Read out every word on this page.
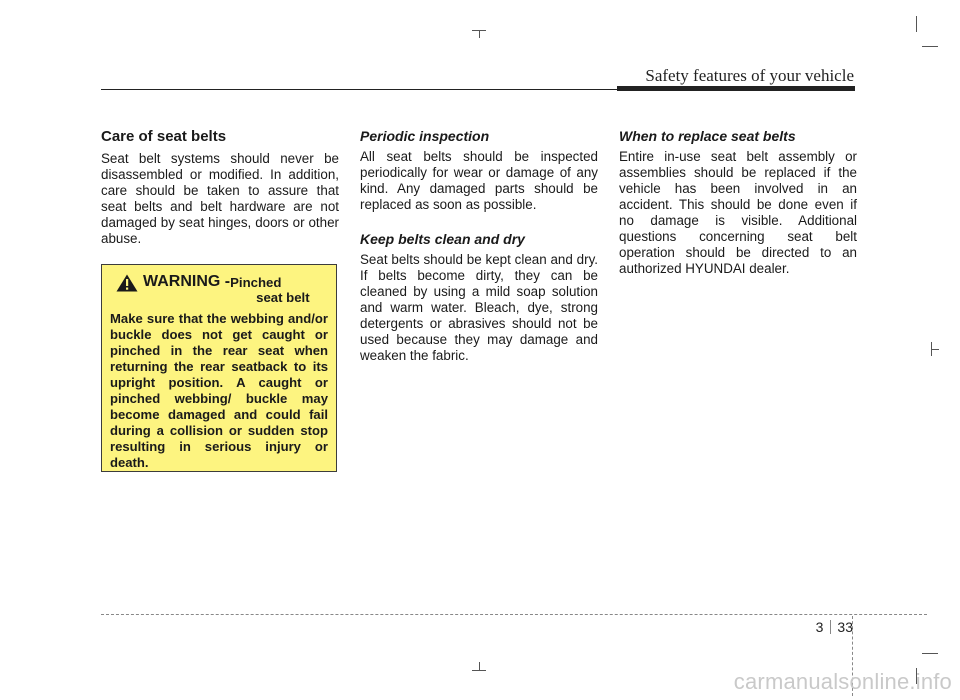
Safety features of your vehicle
Care of seat belts

Seat belt systems should never be disassembled or modified. In addition, care should be taken to assure that seat belts and belt hardware are not damaged by seat hinges, doors or other abuse.

WARNING - Pinched
seat belt

Make sure that the webbing and/or buckle does not get caught or pinched in the rear seat when returning the rear seatback to its upright position. A caught or pinched webbing/ buckle may become damaged and could fail during a collision or sudden stop resulting in serious injury or death.

Periodic inspection

All seat belts should be inspected periodically for wear or damage of any kind. Any damaged parts should be replaced as soon as possible.

Keep belts clean and dry

Seat belts should be kept clean and dry. If belts become dirty, they can be cleaned by using a mild soap solution and warm water. Bleach, dye, strong detergents or abrasives should not be used because they may damage and weaken the fabric.

When to replace seat belts

Entire in-use seat belt assembly or assemblies should be replaced if the vehicle has been involved in an accident. This should be done even if no damage is visible. Additional questions concerning seat belt operation should be directed to an authorized HYUNDAI dealer.

3 33
carmanualsonline.info
